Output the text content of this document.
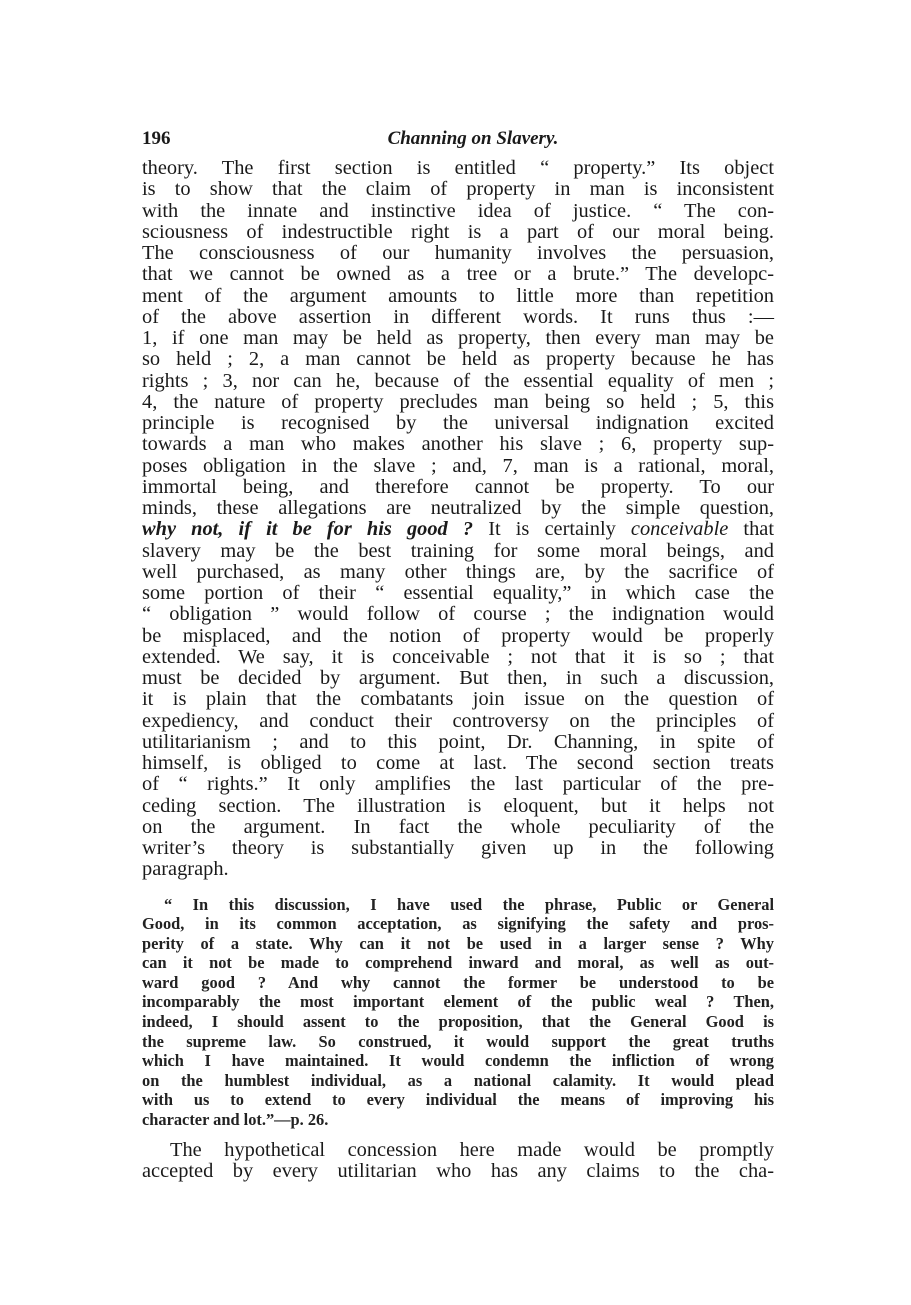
196	Channing on Slavery.
theory. The first section is entitled “ property.” Its object
is to show that the claim of property in man is inconsistent
with the innate and instinctive idea of justice. “ The con-
sciousness of indestructible right is a part of our moral being.
The consciousness of our humanity involves the persuasion,
that we cannot be owned as a tree or a brute.” The developc-
ment of the argument amounts to little more than repetition
of the above assertion in different words. It runs thus :—
1, if one man may be held as property, then every man may be
so held ; 2, a man cannot be held as property because he has
rights ; 3, nor can he, because of the essential equality of men ;
4, the nature of property precludes man being so held ; 5, this
principle is recognised by the universal indignation excited
towards a man who makes another his slave ; 6, property sup-
poses obligation in the slave ; and, 7, man is a rational, moral,
immortal being, and therefore cannot be property. To our
minds, these allegations are neutralized by the simple question,
why not, if it be for his good ? It is certainly conceivable that
slavery may be the best training for some moral beings, and
well purchased, as many other things are, by the sacrifice of
some portion of their “ essential equality,” in which case the
“ obligation ” would follow of course ; the indignation would
be misplaced, and the notion of property would be properly
extended. We say, it is conceivable ; not that it is so ; that
must be decided by argument. But then, in such a discussion,
it is plain that the combatants join issue on the question of
expediency, and conduct their controversy on the principles of
utilitarianism ; and to this point, Dr. Channing, in spite of
himself, is obliged to come at last. The second section treats
of “ rights.” It only amplifies the last particular of the pre-
ceding section. The illustration is eloquent, but it helps not
on the argument. In fact the whole peculiarity of the
writer’s theory is substantially given up in the following
paragraph.
“ In this discussion, I have used the phrase, Public or General
Good, in its common acceptation, as signifying the safety and pros-
perity of a state. Why can it not be used in a larger sense ? Why
can it not be made to comprehend inward and moral, as well as out-
ward good ? And why cannot the former be understood to be
incomparably the most important element of the public weal ? Then,
indeed, I should assent to the proposition, that the General Good is
the supreme law. So construed, it would support the great truths
which I have maintained. It would condemn the infliction of wrong
on the humblest individual, as a national calamity. It would plead
with us to extend to every individual the means of improving his
character and lot.”—p. 26.
The hypothetical concession here made would be promptly
accepted by every utilitarian who has any claims to the cha-
